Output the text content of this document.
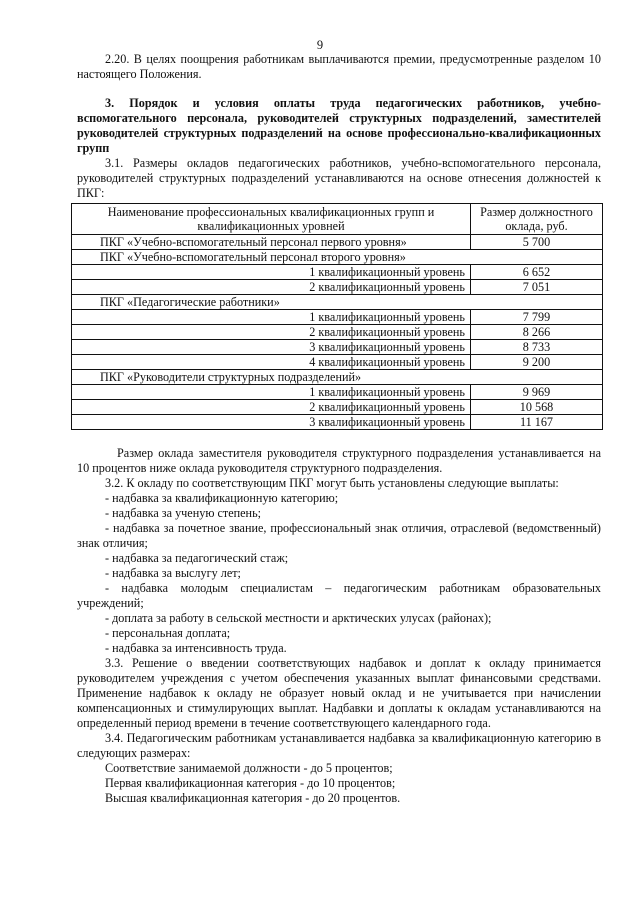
9

2.20. В целях поощрения работникам выплачиваются премии, предусмотренные разделом 10 настоящего Положения.

3. Порядок и условия оплаты труда педагогических работников, учебно-вспомогательного персонала, руководителей структурных подразделений, заместителей руководителей структурных подразделений на основе профессионально-квалификационных групп

3.1. Размеры окладов педагогических работников, учебно-вспомогательного персонала, руководителей структурных подразделений устанавливаются на основе отнесения должностей к ПКГ:

Наименование профессиональных квалификационных групп и квалификационных уровней	Размер должностного оклада, руб.
ПКГ «Учебно-вспомогательный персонал первого уровня»	5 700
ПКГ «Учебно-вспомогательный персонал второго уровня»	
1 квалификационный уровень	6 652
2 квалификационный уровень	7 051
ПКГ «Педагогические работники»	
1 квалификационный уровень	7 799
2 квалификационный уровень	8 266
3 квалификационный уровень	8 733
4 квалификационный уровень	9 200
ПКГ «Руководители структурных подразделений»	
1 квалификационный уровень	9 969
2 квалификационный уровень	10 568
3 квалификационный уровень	11 167

Размер оклада заместителя руководителя структурного подразделения устанавливается на 10 процентов ниже оклада руководителя структурного подразделения.

3.2. К окладу по соответствующим ПКГ могут быть установлены следующие выплаты:

- надбавка за квалификационную категорию;

- надбавка за ученую степень;

- надбавка за почетное звание, профессиональный знак отличия, отраслевой (ведомственный) знак отличия;

- надбавка за педагогический стаж;

- надбавка за выслугу лет;

- надбавка молодым специалистам – педагогическим работникам образовательных учреждений;

- доплата за работу в сельской местности и арктических улусах (районах);

- персональная доплата;

- надбавка за интенсивность труда.

3.3. Решение о введении соответствующих надбавок и доплат к окладу принимается руководителем учреждения с учетом обеспечения указанных выплат финансовыми средствами. Применение надбавок к окладу не образует новый оклад и не учитывается при начислении компенсационных и стимулирующих выплат. Надбавки и доплаты к окладам устанавливаются на определенный период времени в течение соответствующего календарного года.

3.4. Педагогическим работникам устанавливается надбавка за квалификационную категорию в следующих размерах:

Соответствие занимаемой должности - до 5 процентов;

Первая квалификационная категория - до 10 процентов;

Высшая квалификационная категория - до 20 процентов.
